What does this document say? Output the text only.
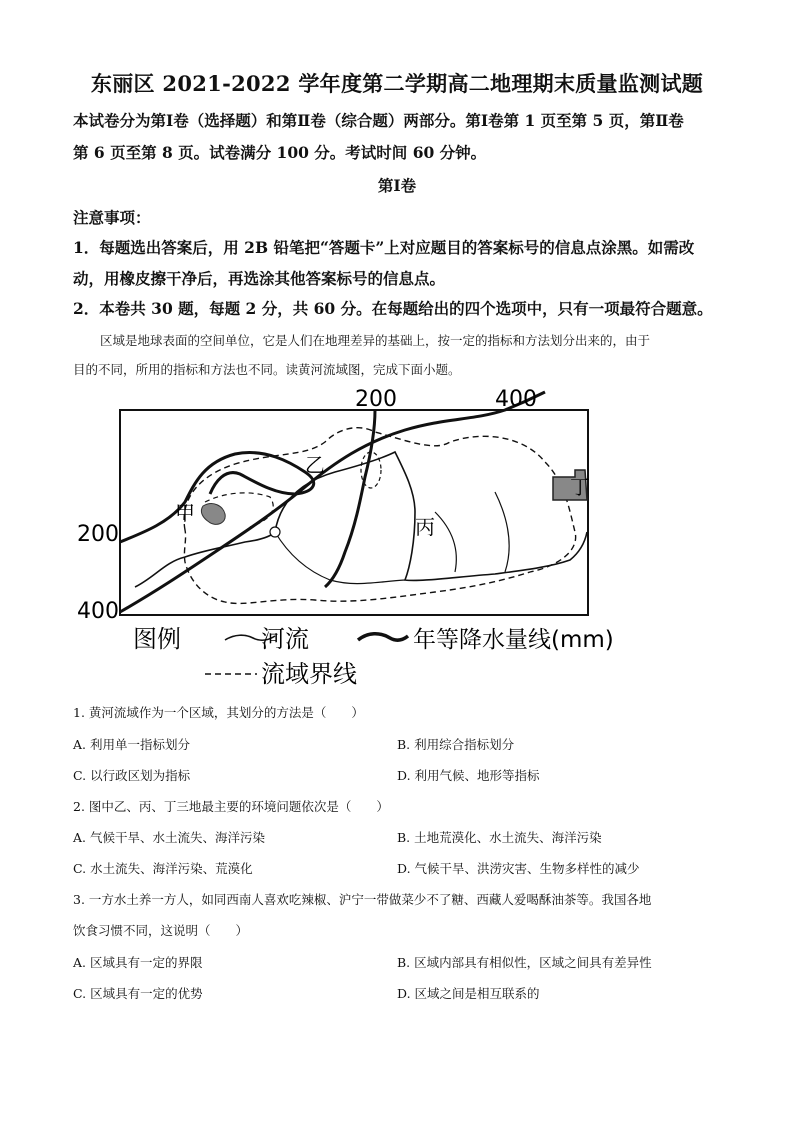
东丽区 2021-2022 学年度第二学期高二地理期末质量监测试题
本试卷分为第Ⅰ卷（选择题）和第Ⅱ卷（综合题）两部分。第Ⅰ卷第 1 页至第 5 页，第Ⅱ卷
第 6 页至第 8 页。试卷满分 100 分。考试时间 60 分钟。
第Ⅰ卷
注意事项：
1．每题选出答案后，用 2B 铅笔把“答题卡”上对应题目的答案标号的信息点涂黑。如需改
动，用橡皮擦干净后，再选涂其他答案标号的信息点。
2．本卷共 30 题，每题 2 分，共 60 分。在每题给出的四个选项中，只有一项最符合题意。
区域是地球表面的空间单位，它是人们在地理差异的基础上，按一定的指标和方法划分出来的，由于
目的不同，所用的指标和方法也不同。读黄河流域图，完成下面小题。
200	400
200
400
甲
乙
丙
丁
图例	河流	年等降水量线(mm)
流域界线
1. 黄河流域作为一个区域，其划分的方法是（　　）
A. 利用单一指标划分	B. 利用综合指标划分
C. 以行政区划为指标	D. 利用气候、地形等指标
2. 图中乙、丙、丁三地最主要的环境问题依次是（　　）
A. 气候干旱、水土流失、海洋污染	B. 土地荒漠化、水土流失、海洋污染
C. 水土流失、海洋污染、荒漠化	D. 气候干旱、洪涝灾害、生物多样性的减少
3. 一方水土养一方人，如同西南人喜欢吃辣椒、沪宁一带做菜少不了糖、西藏人爱喝酥油茶等。我国各地
饮食习惯不同，这说明（　　）
A. 区域具有一定的界限	B. 区域内部具有相似性，区域之间具有差异性
C. 区域具有一定的优势	D. 区域之间是相互联系的
